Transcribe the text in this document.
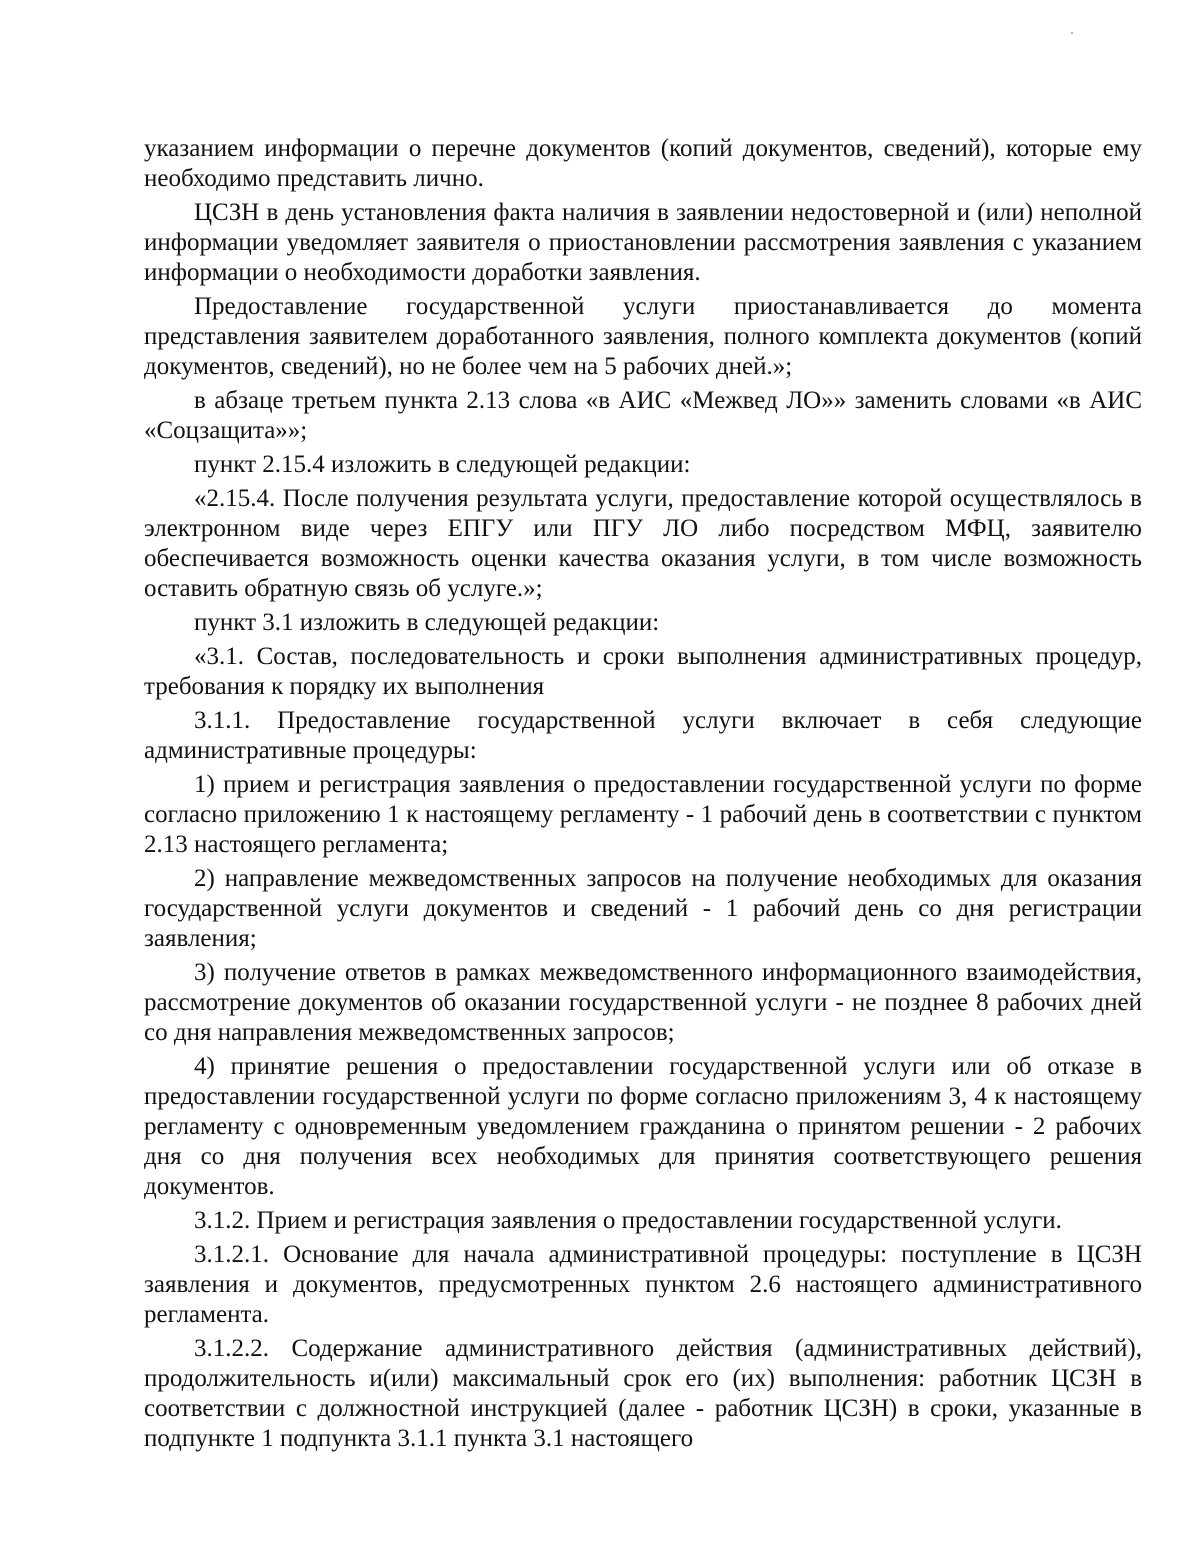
указанием информации о перечне документов (копий документов, сведений), которые ему необходимо представить лично.

ЦСЗН в день установления факта наличия в заявлении недостоверной и (или) неполной информации уведомляет заявителя о приостановлении рассмотрения заявления с указанием информации о необходимости доработки заявления.

Предоставление государственной услуги приостанавливается до момента представления заявителем доработанного заявления, полного комплекта документов (копий документов, сведений), но не более чем на 5 рабочих дней.»;

в абзаце третьем пункта 2.13 слова «в АИС «Межвед ЛО»» заменить словами «в АИС «Соцзащита»»;

пункт 2.15.4 изложить в следующей редакции:

«2.15.4. После получения результата услуги, предоставление которой осуществлялось в электронном виде через ЕПГУ или ПГУ ЛО либо посредством МФЦ, заявителю обеспечивается возможность оценки качества оказания услуги, в том числе возможность оставить обратную связь об услуге.»;

пункт 3.1 изложить в следующей редакции:

«3.1. Состав, последовательность и сроки выполнения административных процедур, требования к порядку их выполнения

3.1.1. Предоставление государственной услуги включает в себя следующие административные процедуры:

1) прием и регистрация заявления о предоставлении государственной услуги по форме согласно приложению 1 к настоящему регламенту - 1 рабочий день в соответствии с пунктом 2.13 настоящего регламента;

2) направление межведомственных запросов на получение необходимых для оказания государственной услуги документов и сведений - 1 рабочий день со дня регистрации заявления;

3) получение ответов в рамках межведомственного информационного взаимодействия, рассмотрение документов об оказании государственной услуги - не позднее 8 рабочих дней со дня направления межведомственных запросов;

4) принятие решения о предоставлении государственной услуги или об отказе в предоставлении государственной услуги по форме согласно приложениям 3, 4 к настоящему регламенту с одновременным уведомлением гражданина о принятом решении - 2 рабочих дня со дня получения всех необходимых для принятия соответствующего решения документов.

3.1.2. Прием и регистрация заявления о предоставлении государственной услуги.

3.1.2.1. Основание для начала административной процедуры: поступление в ЦСЗН заявления и документов, предусмотренных пунктом 2.6 настоящего административного регламента.

3.1.2.2. Содержание административного действия (административных действий), продолжительность и(или) максимальный срок его (их) выполнения: работник ЦСЗН в соответствии с должностной инструкцией (далее - работник ЦСЗН) в сроки, указанные в подпункте 1 подпункта 3.1.1 пункта 3.1 настоящего
